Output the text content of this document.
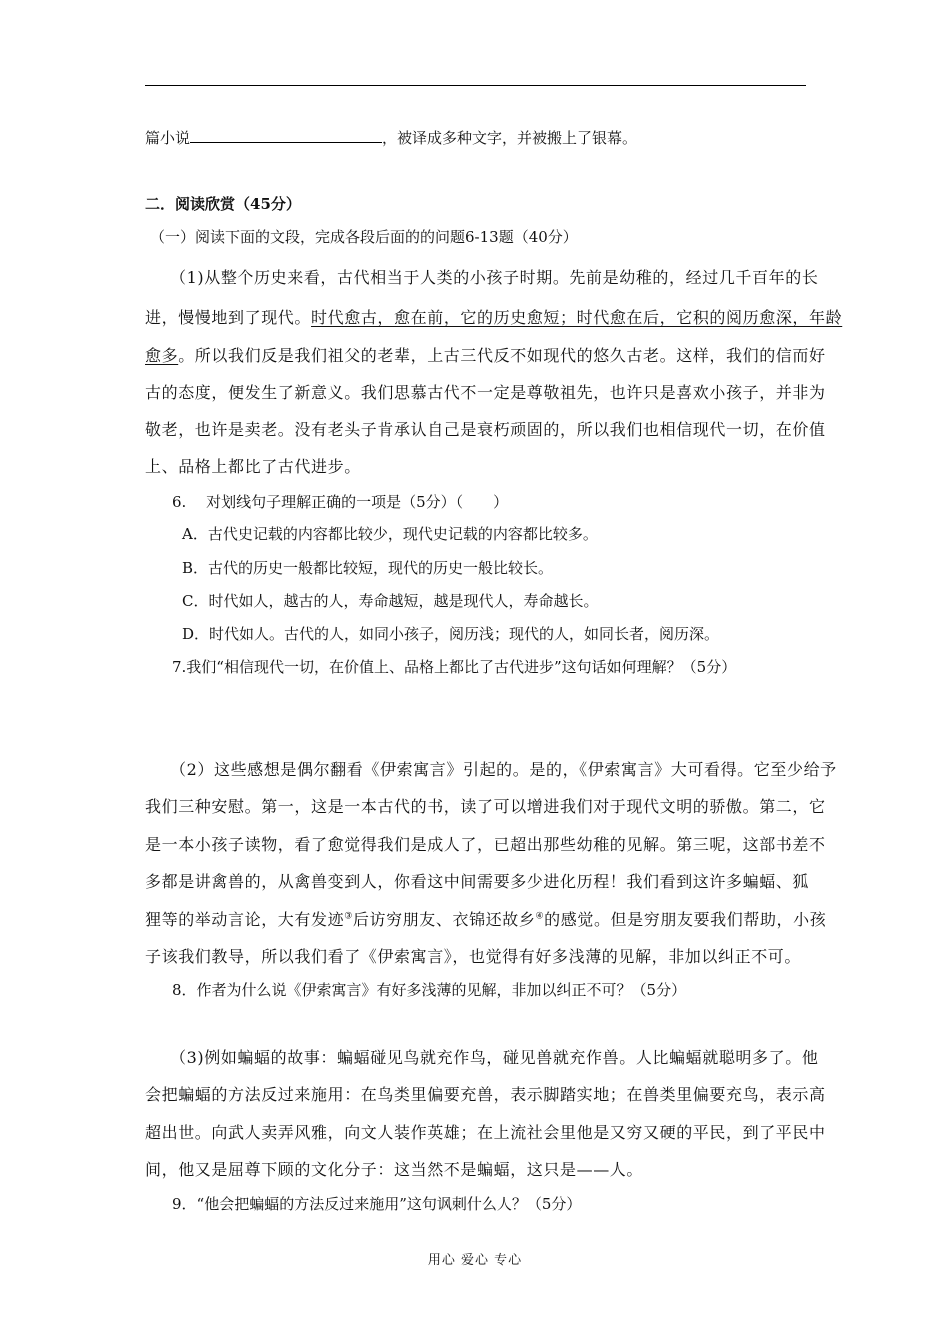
篇小说	，被译成多种文字，并被搬上了银幕。
二．阅读欣赏（45分）
（一）阅读下面的文段，完成各段后面的的问题6-13题（40分）
（1)从整个历史来看，古代相当于人类的小孩子时期。先前是幼稚的，经过几千百年的长
进，慢慢地到了现代。时代愈古，愈在前，它的历史愈短；时代愈在后，它积的阅历愈深，年龄
愈多。所以我们反是我们祖父的老辈，上古三代反不如现代的悠久古老。这样，我们的信而好
古的态度，便发生了新意义。我们思慕古代不一定是尊敬祖先，也许只是喜欢小孩子，并非为
敬老，也许是卖老。没有老头子肯承认自己是衰朽顽固的，所以我们也相信现代一切，在价值
上、品格上都比了古代进步。
6.　 对划线句子理解正确的一项是（5分）（　　）
A．古代史记载的内容都比较少，现代史记载的内容都比较多。
B．古代的历史一般都比较短，现代的历史一般比较长。
C．时代如人，越古的人，寿命越短，越是现代人，寿命越长。
D．时代如人。古代的人，如同小孩子，阅历浅；现代的人，如同长者，阅历深。
7.我们“相信现代一切，在价值上、品格上都比了古代进步”这句话如何理解？（5分）
（2）这些感想是偶尔翻看《伊索寓言》引起的。是的，《伊索寓言》大可看得。它至少给予
我们三种安慰。第一，这是一本古代的书，读了可以增进我们对于现代文明的骄傲。第二，它
是一本小孩子读物，看了愈觉得我们是成人了，已超出那些幼稚的见解。第三呢，这部书差不
多都是讲禽兽的，从禽兽变到人，你看这中间需要多少进化历程！我们看到这许多蝙蝠、狐
狸等的举动言论，大有发迹③后访穷朋友、衣锦还故乡④的感觉。但是穷朋友要我们帮助，小孩
子该我们教导，所以我们看了《伊索寓言》，也觉得有好多浅薄的见解，非加以纠正不可。
8．作者为什么说《伊索寓言》有好多浅薄的见解，非加以纠正不可？（5分）
（3)例如蝙蝠的故事：蝙蝠碰见鸟就充作鸟，碰见兽就充作兽。人比蝙蝠就聪明多了。他
会把蝙蝠的方法反过来施用：在鸟类里偏要充兽，表示脚踏实地；在兽类里偏要充鸟，表示高
超出世。向武人卖弄风雅，向文人装作英雄；在上流社会里他是又穷又硬的平民，到了平民中
间，他又是屈尊下顾的文化分子：这当然不是蝙蝠，这只是——人。
9．“他会把蝙蝠的方法反过来施用”这句讽刺什么人？（5分）
用心 爱心 专心
